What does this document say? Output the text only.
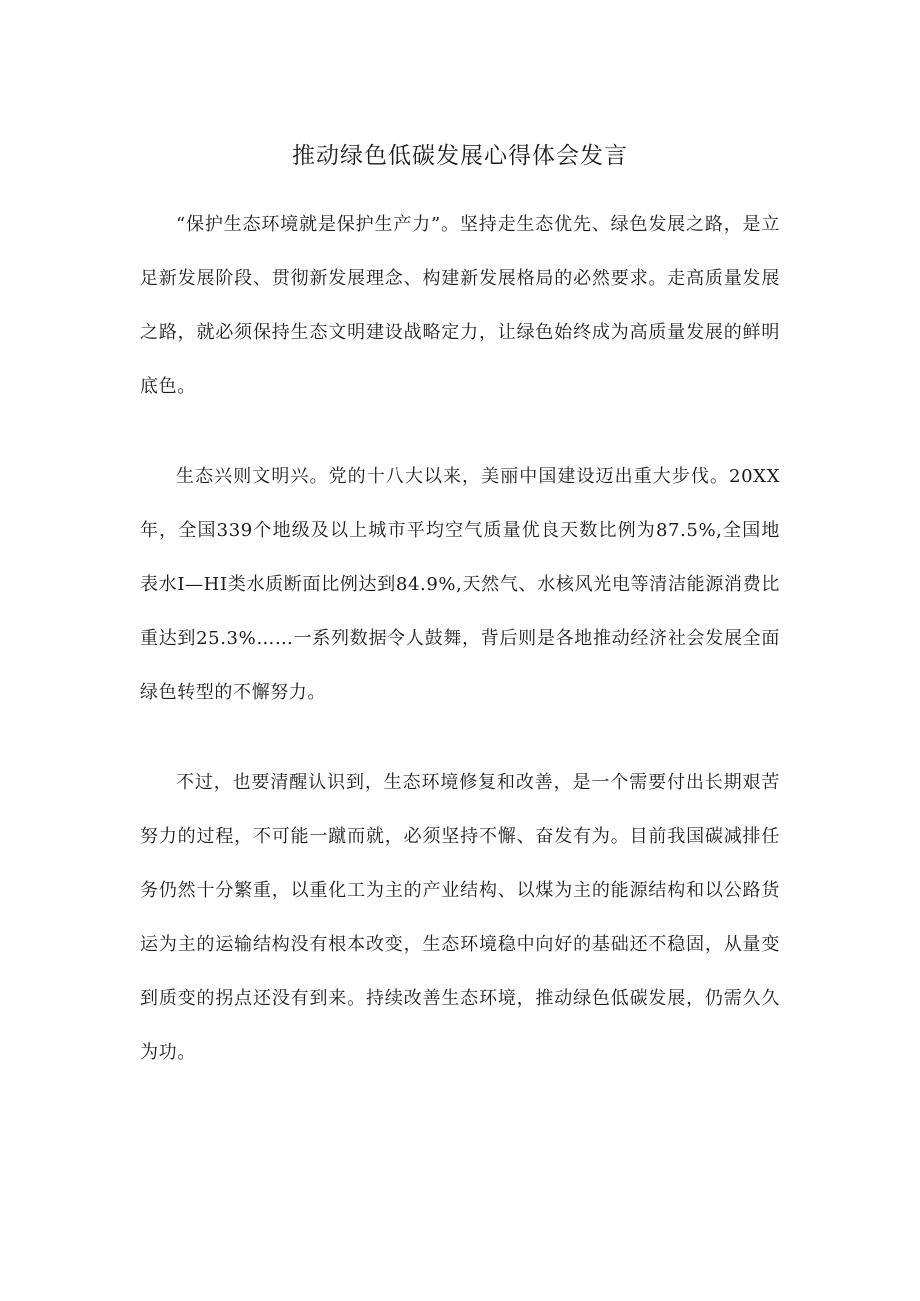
推动绿色低碳发展心得体会发言

“保护生态环境就是保护生产力”。坚持走生态优先、绿色发展之路，是立足新发展阶段、贯彻新发展理念、构建新发展格局的必然要求。走高质量发展之路，就必须保持生态文明建设战略定力，让绿色始终成为高质量发展的鲜明底色。

生态兴则文明兴。党的十八大以来，美丽中国建设迈出重大步伐。20XX年，全国339个地级及以上城市平均空气质量优良天数比例为87.5%,全国地表水I—HI类水质断面比例达到84.9%,天然气、水核风光电等清洁能源消费比重达到25.3%……一系列数据令人鼓舞，背后则是各地推动经济社会发展全面绿色转型的不懈努力。

不过，也要清醒认识到，生态环境修复和改善，是一个需要付出长期艰苦努力的过程，不可能一蹴而就，必须坚持不懈、奋发有为。目前我国碳减排任务仍然十分繁重，以重化工为主的产业结构、以煤为主的能源结构和以公路货运为主的运输结构没有根本改变，生态环境稳中向好的基础还不稳固，从量变到质变的拐点还没有到来。持续改善生态环境，推动绿色低碳发展，仍需久久为功。
